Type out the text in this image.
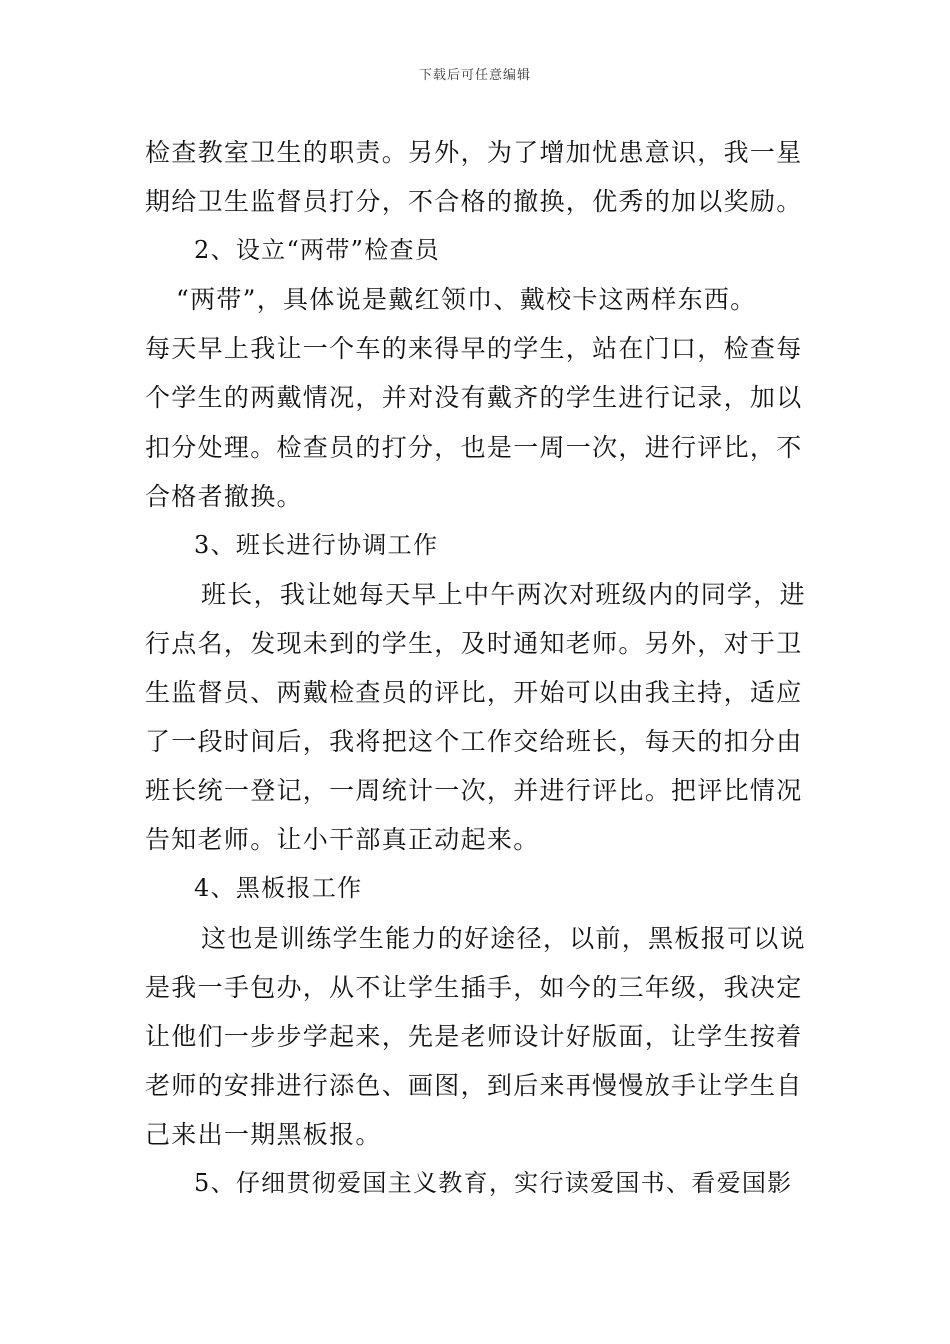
下载后可任意编辑
检查教室卫生的职责。另外，为了增加忧患意识，我一星
期给卫生监督员打分，不合格的撤换，优秀的加以奖励。
2、设立“两带”检查员
“两带”，具体说是戴红领巾、戴校卡这两样东西。
每天早上我让一个车的来得早的学生，站在门口，检查每
个学生的两戴情况，并对没有戴齐的学生进行记录，加以
扣分处理。检查员的打分，也是一周一次，进行评比，不
合格者撤换。
3、班长进行协调工作
班长，我让她每天早上中午两次对班级内的同学，进
行点名，发现未到的学生，及时通知老师。另外，对于卫
生监督员、两戴检查员的评比，开始可以由我主持，适应
了一段时间后，我将把这个工作交给班长，每天的扣分由
班长统一登记，一周统计一次，并进行评比。把评比情况
告知老师。让小干部真正动起来。
4、黑板报工作
这也是训练学生能力的好途径，以前，黑板报可以说
是我一手包办，从不让学生插手，如今的三年级，我决定
让他们一步步学起来，先是老师设计好版面，让学生按着
老师的安排进行添色、画图，到后来再慢慢放手让学生自
己来出一期黑板报。
5、仔细贯彻爱国主义教育，实行读爱国书、看爱国影
